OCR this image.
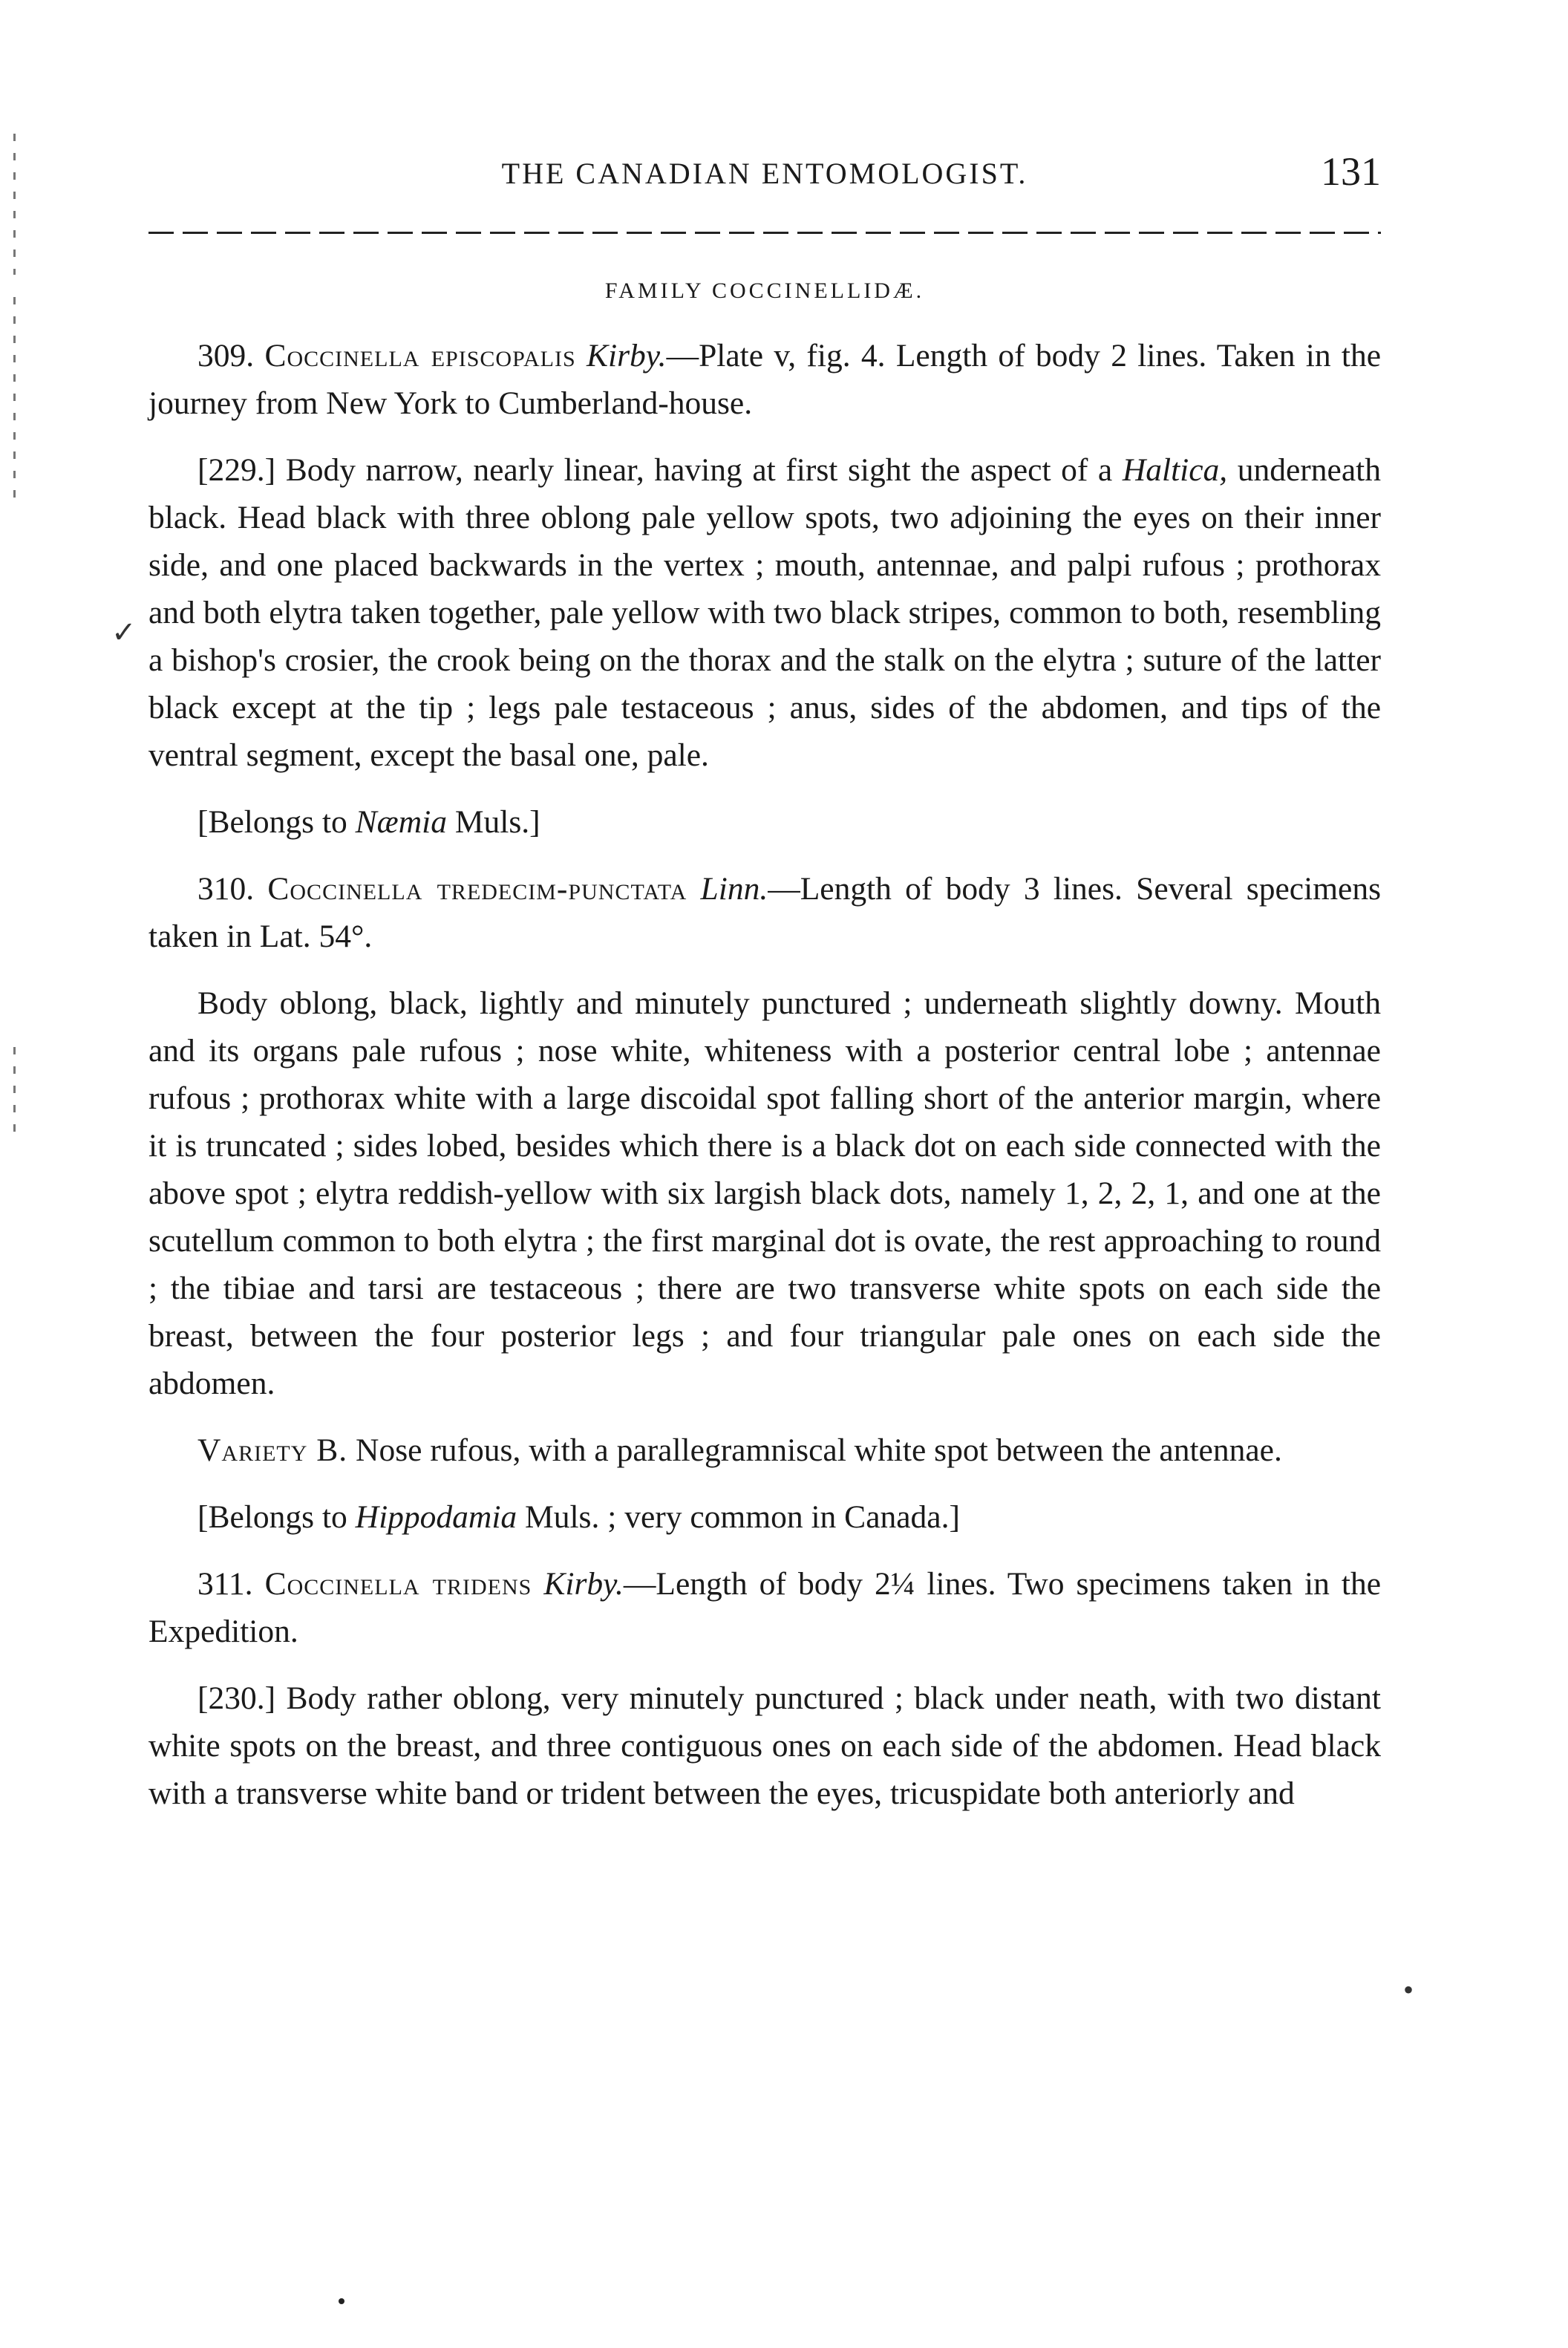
THE CANADIAN ENTOMOLOGIST.	131
FAMILY COCCINELLIDÆ.

309. Coccinella episcopalis Kirby.—Plate v, fig. 4. Length of body 2 lines. Taken in the journey from New York to Cumberland-house.

[229.] Body narrow, nearly linear, having at first sight the aspect of a Haltica, underneath black. Head black with three oblong pale yellow spots, two adjoining the eyes on their inner side, and one placed backwards in the vertex ; mouth, antennae, and palpi rufous ; prothorax and both elytra taken together, pale yellow with two black stripes, common to both, resembling a bishop's crosier, the crook being on the thorax and the stalk on the elytra ; suture of the latter black except at the tip ; legs pale testaceous ; anus, sides of the abdomen, and tips of the ventral segment, except the basal one, pale.

[Belongs to Næmia Muls.]

310. Coccinella tredecim-punctata Linn.—Length of body 3 lines. Several specimens taken in Lat. 54°.

Body oblong, black, lightly and minutely punctured ; underneath slightly downy. Mouth and its organs pale rufous ; nose white, whiteness with a posterior central lobe ; antennae rufous ; prothorax white with a large discoidal spot falling short of the anterior margin, where it is truncated ; sides lobed, besides which there is a black dot on each side connected with the above spot ; elytra reddish-yellow with six largish black dots, namely 1, 2, 2, 1, and one at the scutellum common to both elytra ; the first marginal dot is ovate, the rest approaching to round ; the tibiae and tarsi are testaceous ; there are two transverse white spots on each side the breast, between the four posterior legs ; and four triangular pale ones on each side the abdomen.

Variety B. Nose rufous, with a parallegramniscal white spot between the antennae.

[Belongs to Hippodamia Muls. ; very common in Canada.]

311. Coccinella tridens Kirby.—Length of body 2¼ lines. Two specimens taken in the Expedition.

[230.] Body rather oblong, very minutely punctured ; black under neath, with two distant white spots on the breast, and three contiguous ones on each side of the abdomen. Head black with a transverse white band or trident between the eyes, tricuspidate both anteriorly and

✓
•
